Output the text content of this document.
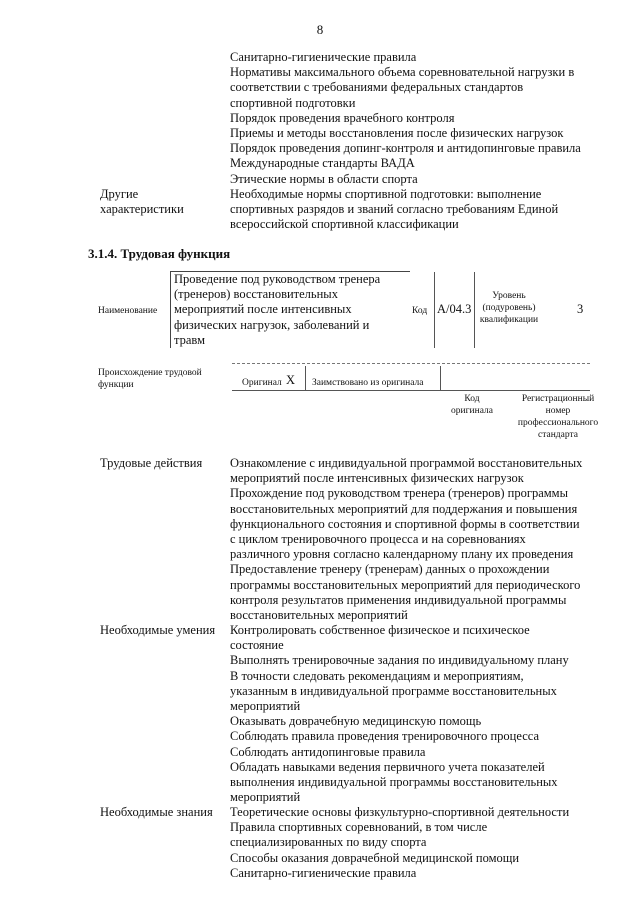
8
Санитарно-гигиенические правила
Нормативы максимального объема соревновательной нагрузки в
соответствии с требованиями федеральных стандартов
спортивной подготовки
Порядок проведения врачебного контроля
Приемы и методы восстановления после физических нагрузок
Порядок проведения допинг-контроля и антидопинговые правила
Международные стандарты ВАДА
Этические нормы в области спорта
Необходимые нормы спортивной подготовки: выполнение
спортивных разрядов и званий согласно требованиям Единой
всероссийской спортивной классификации
Другие
характеристики
3.1.4. Трудовая функция
Наименование
Проведение под руководством тренера
(тренеров) восстановительных
мероприятий после интенсивных
физических нагрузок, заболеваний и
травм
Код A/04.3
Уровень
(подуровень)
квалификации
3
Происхождение трудовой
функции	Оригинал X Заимствовано из оригинала
Код
оригинала
Регистрационный
номер
профессионального
стандарта
Трудовые действия Ознакомление с индивидуальной программой восстановительных
мероприятий после интенсивных физических нагрузок
Прохождение под руководством тренера (тренеров) программы
восстановительных мероприятий для поддержания и повышения
функционального состояния и спортивной формы в соответствии
с циклом тренировочного процесса и на соревнованиях
различного уровня согласно календарному плану их проведения
Предоставление тренеру (тренерам) данных о прохождении
программы восстановительных мероприятий для периодического
контроля результатов применения индивидуальной программы
восстановительных мероприятий
Необходимые умения Контролировать собственное физическое и психическое
состояние
Выполнять тренировочные задания по индивидуальному плану
В точности следовать рекомендациям и мероприятиям,
указанным в индивидуальной программе восстановительных
мероприятий
Оказывать доврачебную медицинскую помощь
Соблюдать правила проведения тренировочного процесса
Соблюдать антидопинговые правила
Обладать навыками ведения первичного учета показателей
выполнения индивидуальной программы восстановительных
мероприятий
Необходимые знания Теоретические основы физкультурно-спортивной деятельности
Правила спортивных соревнований, в том числе
специализированных по виду спорта
Способы оказания доврачебной медицинской помощи
Санитарно-гигиенические правила
